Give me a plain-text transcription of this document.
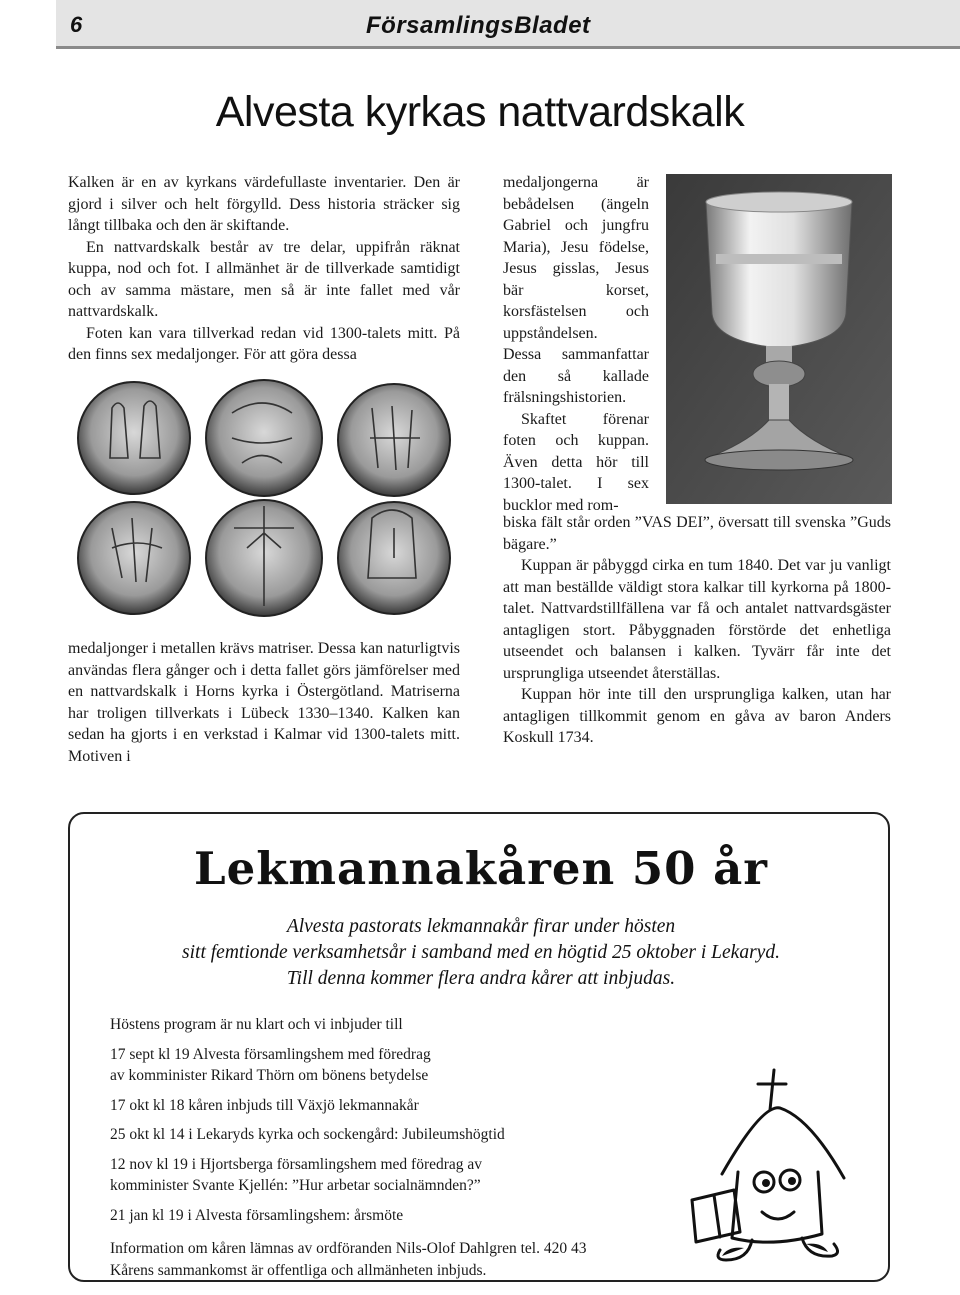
6	FörsamlingsBladet
Alvesta kyrkas nattvardskalk

Kalken är en av kyrkans värdefullaste inventarier. Den är gjord i silver och helt förgylld. Dess historia sträcker sig långt tillbaka och den är skiftande.

En nattvardskalk består av tre delar, uppifrån räknat kuppa, nod och fot. I allmänhet är de tillverkade samtidigt och av samma mästare, men så är inte fallet med vår nattvardskalk.

Foten kan vara tillverkad redan vid 1300-talets mitt. På den finns sex medaljonger. För att göra dessa

medaljonger i metallen krävs matriser. Dessa kan naturligtvis användas flera gånger och i detta fallet görs jämförelser med en nattvardskalk i Horns kyrka i Östergötland. Matriserna har troligen tillverkats i Lübeck 1330–1340. Kalken kan sedan ha gjorts i en verkstad i Kalmar vid 1300-talets mitt. Motiven i

medaljongerna är bebådelsen (ängeln Gabriel och jungfru Maria), Jesu födelse, Jesus gisslas, Jesus bär korset, korsfästelsen och uppståndelsen.

Dessa sammanfattar den så kallade frälsningshistorien.

Skaftet förenar foten och kuppan. Även detta hör till 1300-talet. I sex bucklor med rom-

biska fält står orden ”VAS DEI”, översatt till svenska ”Guds bägare.”

Kuppan är påbyggd cirka en tum 1840. Det var ju vanligt att man beställde väldigt stora kalkar till kyrkorna på 1800-talet. Nattvardstillfällena var få och antalet nattvardsgäster antagligen stort. Påbyggnaden förstörde det enhetliga utseendet och balansen i kalken. Tyvärr får inte det ursprungliga utseendet återställas.

Kuppan hör inte till den ursprungliga kalken, utan har antagligen tillkommit genom en gåva av baron Anders Koskull 1734.

Lekmannakåren 50 år
Alvesta pastorats lekmannakår firar under hösten
sitt femtionde verksamhetsår i samband med en högtid 25 oktober i Lekaryd.
Till denna kommer flera andra kårer att inbjudas.
Höstens program är nu klart och vi inbjuder till
17 sept kl 19 Alvesta församlingshem med föredrag
av komminister Rikard Thörn om bönens betydelse
17 okt kl 18 kåren inbjuds till Växjö lekmannakår
25 okt kl 14 i Lekaryds kyrka och sockengård: Jubileumshögtid
12 nov kl 19 i Hjortsberga församlingshem med föredrag av
komminister Svante Kjellén: ”Hur arbetar socialnämnden?”
21 jan kl 19 i Alvesta församlingshem: årsmöte
Information om kåren lämnas av ordföranden Nils-Olof Dahlgren tel. 420 43
Kårens sammankomst är offentliga och allmänheten inbjuds.
